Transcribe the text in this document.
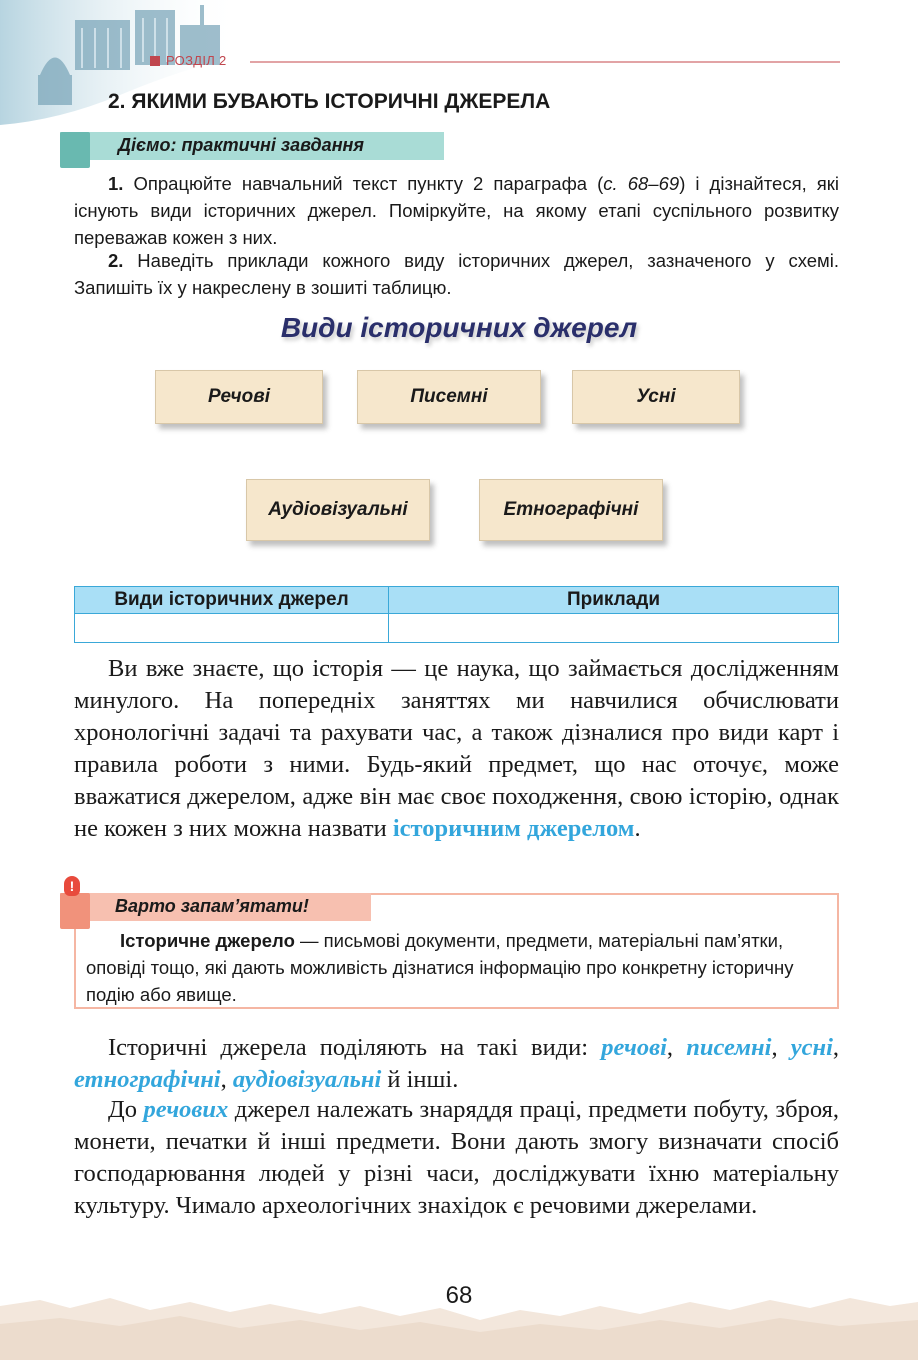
РОЗДІЛ 2
2. ЯКИМИ БУВАЮТЬ ІСТОРИЧНІ ДЖЕРЕЛА
Діємо: практичні завдання
1. Опрацюйте навчальний текст пункту 2 параграфа (с. 68–69) і дізнайтеся, які існують види історичних джерел. Поміркуйте, на якому етапі суспільного розвитку переважав кожен з них.
2. Наведіть приклади кожного виду історичних джерел, зазначеного у схемі. Запишіть їх у накреслену в зошиті таблицю.
Види історичних джерел
Речові	Писемні	Усні
Аудіовізуальні	Етнографічні
Види історичних джерел	Приклади

Ви вже знаєте, що історія — це наука, що займається дослідженням минулого. На попередніх заняттях ми навчилися обчислювати хронологічні задачі та рахувати час, а також дізналися про види карт і правила роботи з ними. Будь-який предмет, що нас оточує, може вважатися джерелом, адже він має своє походження, свою історію, однак не кожен з них можна назвати історичним джерелом.
Варто запам’ятати!
!
Історичне джерело — письмові документи, предмети, матеріальні пам’ятки, оповіді тощо, які дають можливість дізнатися інформацію про конкретну історичну подію або явище.
Історичні джерела поділяють на такі види: речові, писемні, усні, етнографічні, аудіовізуальні й інші.
До речових джерел належать знаряддя праці, предмети побуту, зброя, монети, печатки й інші предмети. Вони дають змогу визначати спосіб господарювання людей у різні часи, досліджувати їхню матеріальну культуру. Чимало археологічних знахідок є речовими джерелами.
68
